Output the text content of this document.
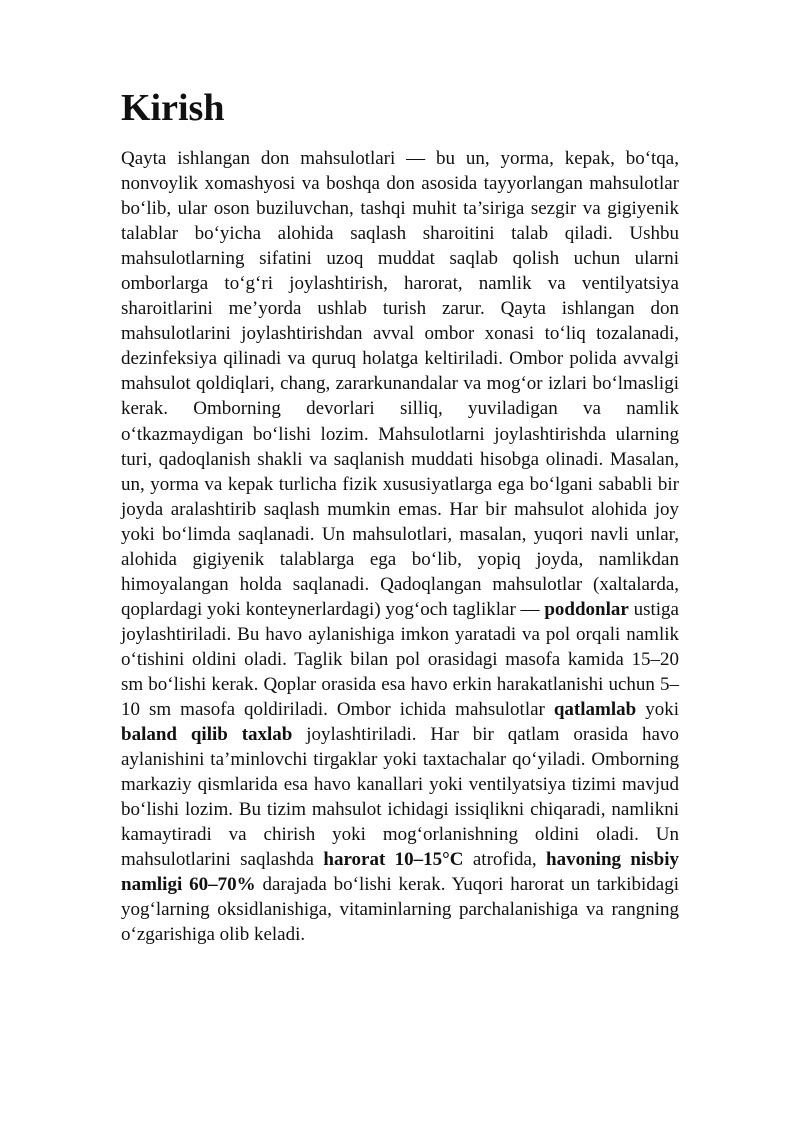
Kirish

Qayta ishlangan don mahsulotlari — bu un, yorma, kepak, bo‘tqa, nonvoylik xomashyosi va boshqa don asosida tayyorlangan mahsulotlar bo‘lib, ular oson buziluvchan, tashqi muhit ta’siriga sezgir va gigiyenik talablar bo‘yicha alohida saqlash sharoitini talab qiladi. Ushbu mahsulotlarning sifatini uzoq muddat saqlab qolish uchun ularni omborlarga to‘g‘ri joylashtirish, harorat, namlik va ventilyatsiya sharoitlarini me’yorda ushlab turish zarur. Qayta ishlangan don mahsulotlarini joylashtirishdan avval ombor xonasi to‘liq tozalanadi, dezinfeksiya qilinadi va quruq holatga keltiriladi. Ombor polida avvalgi mahsulot qoldiqlari, chang, zararkunandalar va mog‘or izlari bo‘lmasligi kerak. Omborning devorlari silliq, yuviladigan va namlik o‘tkazmaydigan bo‘lishi lozim. Mahsulotlarni joylashtirishda ularning turi, qadoqlanish shakli va saqlanish muddati hisobga olinadi. Masalan, un, yorma va kepak turlicha fizik xususiyatlarga ega bo‘lgani sababli bir joyda aralashtirib saqlash mumkin emas. Har bir mahsulot alohida joy yoki bo‘limda saqlanadi. Un mahsulotlari, masalan, yuqori navli unlar, alohida gigiyenik talablarga ega bo‘lib, yopiq joyda, namlikdan himoyalangan holda saqlanadi. Qadoqlangan mahsulotlar (xaltalarda, qoplardagi yoki konteynerlardagi) yog‘och tagliklar — poddonlar ustiga joylashtiriladi. Bu havo aylanishiga imkon yaratadi va pol orqali namlik o‘tishini oldini oladi. Taglik bilan pol orasidagi masofa kamida 15–20 sm bo‘lishi kerak. Qoplar orasida esa havo erkin harakatlanishi uchun 5–10 sm masofa qoldiriladi. Ombor ichida mahsulotlar qatlamlab yoki baland qilib taxlab joylashtiriladi. Har bir qatlam orasida havo aylanishini ta’minlovchi tirgaklar yoki taxtachalar qo‘yiladi. Omborning markaziy qismlarida esa havo kanallari yoki ventilyatsiya tizimi mavjud bo‘lishi lozim. Bu tizim mahsulot ichidagi issiqlikni chiqaradi, namlikni kamaytiradi va chirish yoki mog‘orlanishning oldini oladi. Un mahsulotlarini saqlashda harorat 10–15°C atrofida, havoning nisbiy namligi 60–70% darajada bo‘lishi kerak. Yuqori harorat un tarkibidagi yog‘larning oksidlanishiga, vitaminlarning parchalanishiga va rangning o‘zgarishiga olib keladi.
